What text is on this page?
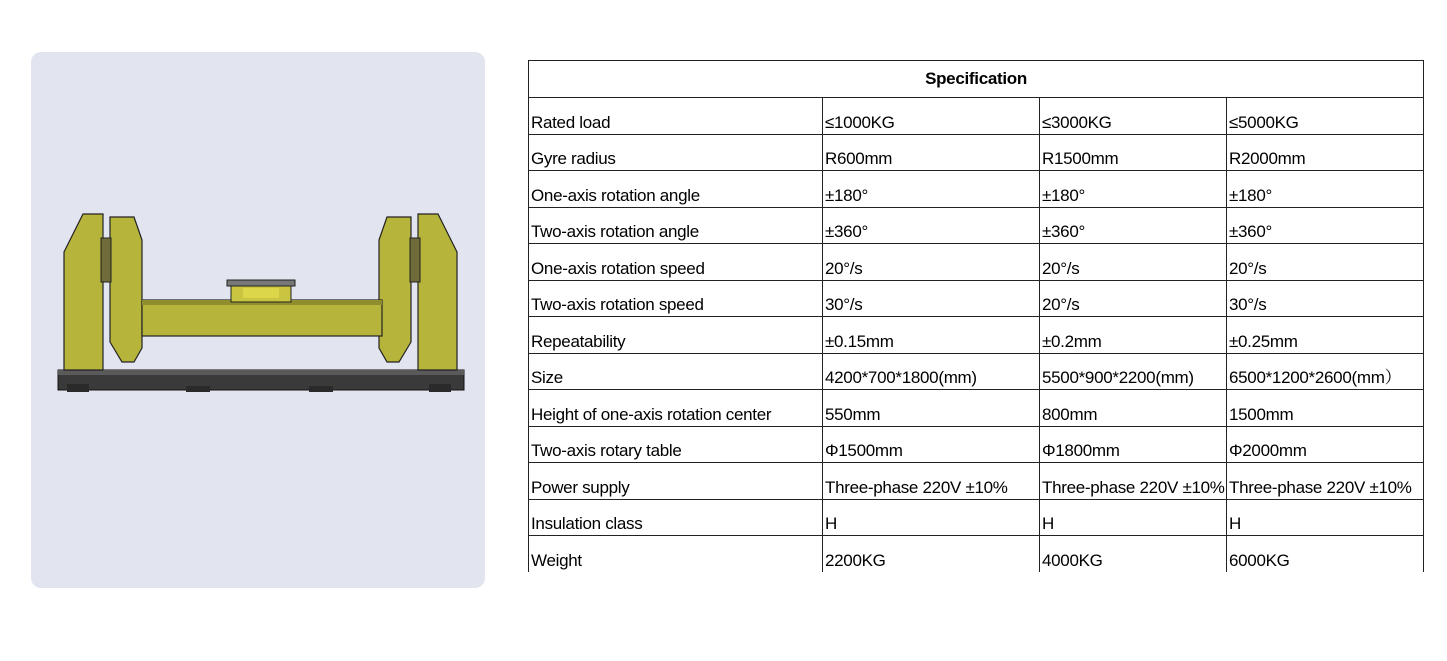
Specification			
Rated load	≤1000KG	≤3000KG	≤5000KG
Gyre radius	R600mm	R1500mm	R2000mm
One-axis rotation angle	±180°	±180°	±180°
Two-axis rotation angle	±360°	±360°	±360°
One-axis rotation speed	20°/s	20°/s	20°/s
Two-axis rotation speed	30°/s	20°/s	30°/s
Repeatability	±0.15mm	±0.2mm	±0.25mm
Size	4200*700*1800(mm)	5500*900*2200(mm)	6500*1200*2600(mm）
Height of one-axis rotation center	550mm	800mm	1500mm
Two-axis rotary table	Φ1500mm	Φ1800mm	Φ2000mm
Power supply	Three-phase 220V ±10%	Three-phase 220V ±10%	Three-phase 220V ±10%
Insulation class	H	H	H
Weight	2200KG	4000KG	6000KG
